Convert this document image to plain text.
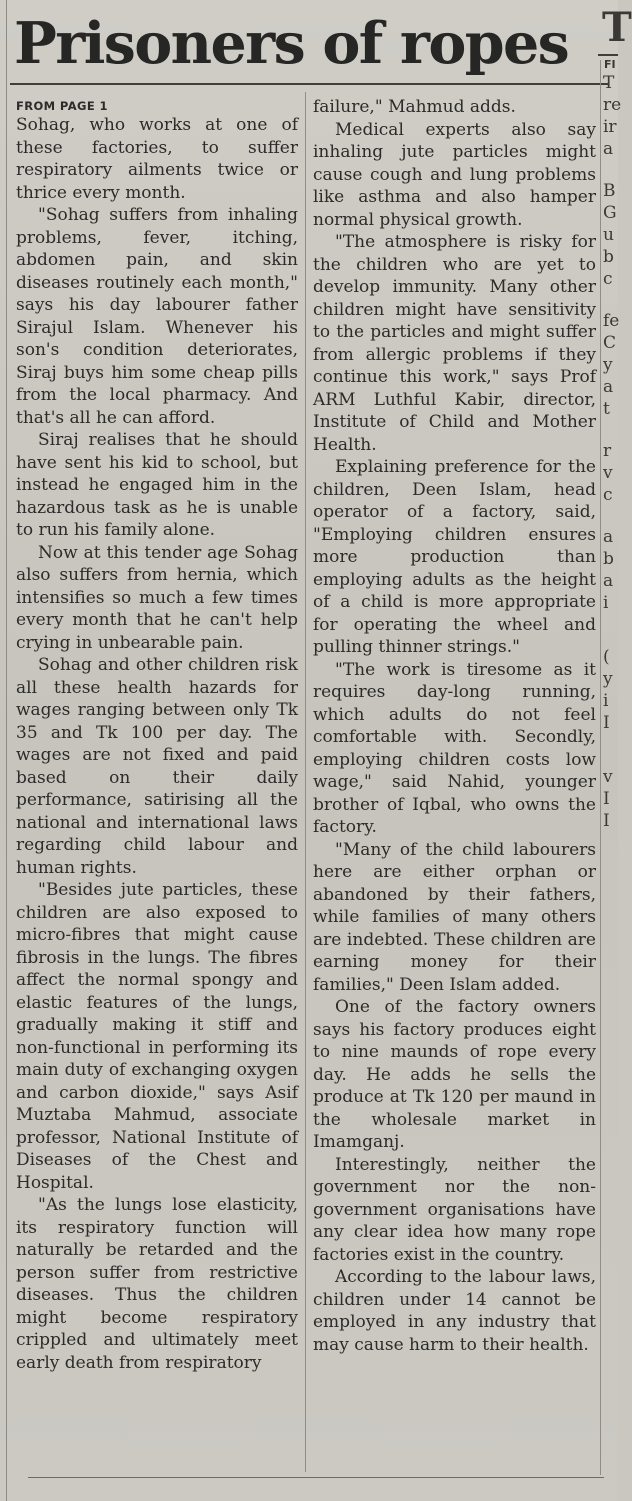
Prisoners of ropes
FROM PAGE 1

Sohag, who works at one of these factories, to suffer respiratory ailments twice or thrice every month.

"Sohag suffers from inhaling problems, fever, itching, abdomen pain, and skin diseases routinely each month," says his day labourer father Sirajul Islam. Whenever his son's condition deteriorates, Siraj buys him some cheap pills from the local pharmacy. And that's all he can afford.

Siraj realises that he should have sent his kid to school, but instead he engaged him in the hazardous task as he is unable to run his family alone.

Now at this tender age Sohag also suffers from hernia, which intensifies so much a few times every month that he can't help crying in unbearable pain.

Sohag and other children risk all these health hazards for wages ranging between only Tk 35 and Tk 100 per day. The wages are not fixed and paid based on their daily performance, satirising all the national and international laws regarding child labour and human rights.

"Besides jute particles, these children are also exposed to micro-fibres that might cause fibrosis in the lungs. The fibres affect the normal spongy and elastic features of the lungs, gradually making it stiff and non-functional in performing its main duty of exchanging oxygen and carbon dioxide," says Asif Muztaba Mahmud, associate professor, National Institute of Diseases of the Chest and Hospital.

"As the lungs lose elasticity, its respiratory function will naturally be retarded and the person suffer from restrictive diseases. Thus the children might become respiratory crippled and ultimately meet early death from respiratory

failure," Mahmud adds.

Medical experts also say inhaling jute particles might cause cough and lung problems like asthma and also hamper normal physical growth.

"The atmosphere is risky for the children who are yet to develop immunity. Many other children might have sensitivity to the particles and might suffer from allergic problems if they continue this work," says Prof ARM Luthful Kabir, director, Institute of Child and Mother Health.

Explaining preference for the children, Deen Islam, head operator of a factory, said, "Employing children ensures more production than employing adults as the height of a child is more appropriate for operating the wheel and pulling thinner strings."

"The work is tiresome as it requires day-long running, which adults do not feel comfortable with. Secondly, employing children costs low wage," said Nahid, younger brother of Iqbal, who owns the factory.

"Many of the child labourers here are either orphan or abandoned by their fathers, while families of many others are indebted. These children are earning money for their families," Deen Islam added.

One of the factory owners says his factory produces eight to nine maunds of rope every day. He adds he sells the produce at Tk 120 per maund in the wholesale market in Imamganj.

Interestingly, neither the government nor the non-government organisations have any clear idea how many rope factories exist in the country.

According to the labour laws, children under 14 cannot be employed in any industry that may cause harm to their health.

T
FI
T
re
ir
a
B
G
u
b
c
fe
C
y
a
t
r
v
c
a
b
a
i
(
y
i
I
v
I
I
